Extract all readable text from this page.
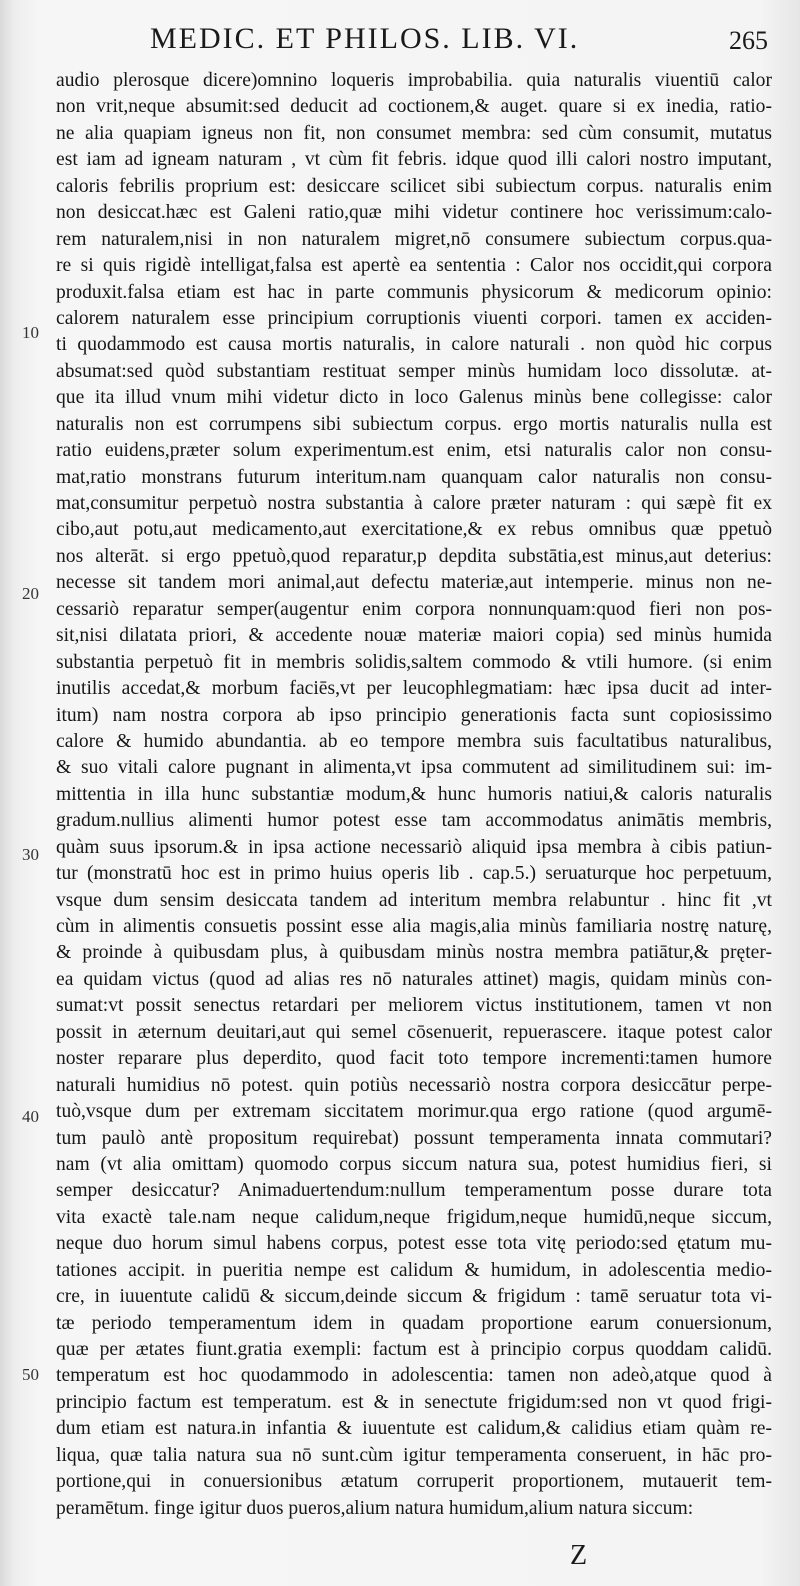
MEDIC. ET PHILOS. LIB. VI.	265
10
20
30
40
50
audio plerosque dicere)omnino loqueris improbabilia. quia naturalis viuentiū calor
non vrit,neque absumit:sed deducit ad coctionem,& auget. quare si ex inedia, ratio-
ne alia quapiam igneus non fit, non consumet membra: sed cùm consumit, mutatus
est iam ad igneam naturam , vt cùm fit febris. idque quod illi calori nostro imputant,
caloris febrilis proprium est: desiccare scilicet sibi subiectum corpus. naturalis enim
non desiccat.hæc est Galeni ratio,quæ mihi videtur continere hoc verissimum:calo-
rem naturalem,nisi in non naturalem migret,nō consumere subiectum corpus.qua-
re si quis rigidè intelligat,falsa est apertè ea sententia : Calor nos occidit,qui corpora
produxit.falsa etiam est hac in parte communis physicorum & medicorum opinio:
calorem naturalem esse principium corruptionis viuenti corpori. tamen ex acciden-
ti quodammodo est causa mortis naturalis, in calore naturali . non quòd hic corpus
absumat:sed quòd substantiam restituat semper minùs humidam loco dissolutæ. at-
que ita illud vnum mihi videtur dicto in loco Galenus minùs bene collegisse: calor
naturalis non est corrumpens sibi subiectum corpus. ergo mortis naturalis nulla est
ratio euidens,præter solum experimentum.est enim, etsi naturalis calor non consu-
mat,ratio monstrans futurum interitum.nam quanquam calor naturalis non consu-
mat,consumitur perpetuò nostra substantia à calore præter naturam : qui sæpè fit ex
cibo,aut potu,aut medicamento,aut exercitatione,& ex rebus omnibus quæ ppetuò
nos alterāt. si ergo ppetuò,quod reparatur,p depdita substātia,est minus,aut deterius:
necesse sit tandem mori animal,aut defectu materiæ,aut intemperie. minus non ne-
cessariò reparatur semper(augentur enim corpora nonnunquam:quod fieri non pos-
sit,nisi dilatata priori, & accedente nouæ materiæ maiori copia) sed minùs humida
substantia perpetuò fit in membris solidis,saltem commodo & vtili humore. (si enim
inutilis accedat,& morbum faciēs,vt per leucophlegmatiam: hæc ipsa ducit ad inter-
itum) nam nostra corpora ab ipso principio generationis facta sunt copiosissimo
calore & humido abundantia. ab eo tempore membra suis facultatibus naturalibus,
& suo vitali calore pugnant in alimenta,vt ipsa commutent ad similitudinem sui: im-
mittentia in illa hunc substantiæ modum,& hunc humoris natiui,& caloris naturalis
gradum.nullius alimenti humor potest esse tam accommodatus animātis membris,
quàm suus ipsorum.& in ipsa actione necessariò aliquid ipsa membra à cibis patiun-
tur (monstratū hoc est in primo huius operis lib . cap.5.) seruaturque hoc perpetuum,
vsque dum sensim desiccata tandem ad interitum membra relabuntur . hinc fit ,vt
cùm in alimentis consuetis possint esse alia magis,alia minùs familiaria nostrę naturę,
& proinde à quibusdam plus, à quibusdam minùs nostra membra patiātur,& pręter-
ea quidam victus (quod ad alias res nō naturales attinet) magis, quidam minùs con-
sumat:vt possit senectus retardari per meliorem victus institutionem, tamen vt non
possit in æternum deuitari,aut qui semel cōsenuerit, repuerascere. itaque potest calor
noster reparare plus deperdito, quod facit toto tempore incrementi:tamen humore
naturali humidius nō potest. quin potiùs necessariò nostra corpora desiccātur perpe-
tuò,vsque dum per extremam siccitatem morimur.qua ergo ratione (quod argumē-
tum paulò antè propositum requirebat) possunt temperamenta innata commutari?
nam (vt alia omittam) quomodo corpus siccum natura sua, potest humidius fieri, si
semper desiccatur? Animaduertendum:nullum temperamentum posse durare tota
vita exactè tale.nam neque calidum,neque frigidum,neque humidū,neque siccum,
neque duo horum simul habens corpus, potest esse tota vitę periodo:sed ętatum mu-
tationes accipit. in pueritia nempe est calidum & humidum, in adolescentia medio-
cre, in iuuentute calidū & siccum,deinde siccum & frigidum : tamē seruatur tota vi-
tæ periodo temperamentum idem in quadam proportione earum conuersionum,
quæ per ætates fiunt.gratia exempli: factum est à principio corpus quoddam calidū.
temperatum est hoc quodammodo in adolescentia: tamen non adeò,atque quod à
principio factum est temperatum. est & in senectute frigidum:sed non vt quod frigi-
dum etiam est natura.in infantia & iuuentute est calidum,& calidius etiam quàm re-
liqua, quæ talia natura sua nō sunt.cùm igitur temperamenta conseruent, in hāc pro-
portione,qui in conuersionibus ætatum corruperit proportionem, mutauerit tem-
peramētum. finge igitur duos pueros,alium natura humidum,alium natura siccum:
Z
